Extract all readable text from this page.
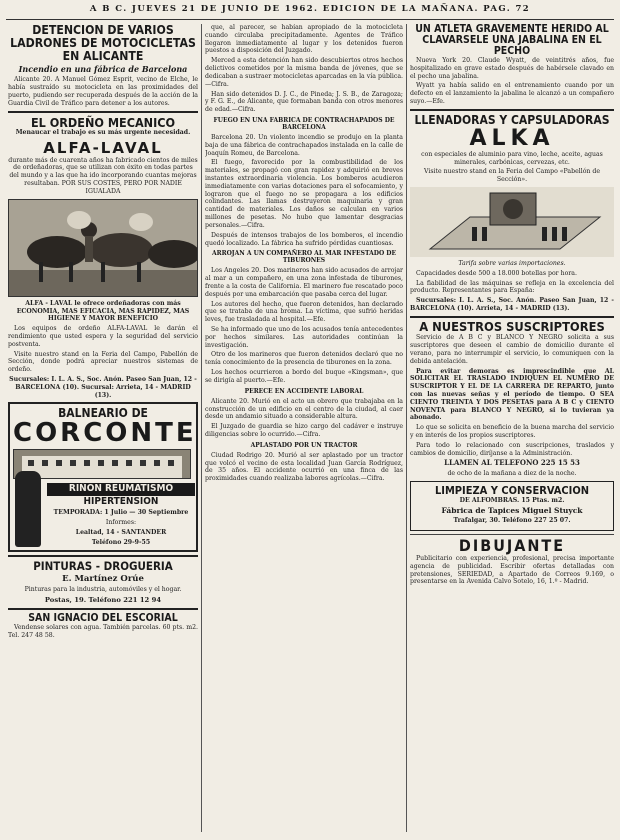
A B C. JUEVES 21 DE JUNIO DE 1962. EDICION DE LA MAÑANA. PAG. 72
DETENCION DE VARIOS LADRONES DE MOTOCICLETAS EN ALICANTE
Incendio en una fábrica de Barcelona

Alicante 20. A Manuel Gómez Esprit, vecino de Elche, le había sustraído su motocicleta en las proximidades del puerto, pudiendo ser recuperada después de la acción de la Guardia Civil de Tráfico para detener a los autores.

EL ORDEÑO MECANICO

Menaucar el trabajo es su más urgente necesidad.

ALFA-LAVAL

durante más de cuarenta años ha fabricado cientos de miles de ordeñadoras, que se utilizan con éxito en todas partes del mundo y a las que ha ido incorporando cuantas mejoras resultaban. POR SUS COSTES, PERO POR NADIE IGUALADA

ALFA - LAVAL le ofrece ordeñadoras con más ECONOMIA, MAS EFICACIA, MAS RAPIDEZ, MAS HIGIENE Y MAYOR BENEFICIO

Los equipos de ordeño ALFA-LAVAL le darán el rendimiento que usted espera y la seguridad del servicio postventa.

Visite nuestro stand en la Feria del Campo, Pabellón de Sección, donde podrá apreciar nuestros sistemas de ordeño.

Sucursales: I. L. A. S., Soc. Anón. Paseo San Juan, 12 - BARCELONA (10). Sucursal: Arrieta, 14 - MADRID (13).

BALNEARIO DE
CORCONTE
RIÑON REUMATISMO
HIPERTENSION

TEMPORADA: 1 Julio — 30 Septiembre

Informes:

Lealtad, 14 - SANTANDER

Teléfono 29-9-55

PINTURAS - DROGUERIA
E. Martínez Orúe

Pinturas para la industria, automóviles y el hogar.

Postas, 19. Teléfono 221 12 94

SAN IGNACIO DEL ESCORIAL

Vendense solares con agua. También parcelas. 60 pts. m2. Tel. 247 48 58.

que, al parecer, se habían apropiado de la motocicleta cuando circulaba precipitadamente. Agentes de Tráfico llegaron inmediatamente al lugar y los detenidos fueron puestos a disposición del Juzgado.

Merced a esta detención han sido descubiertos otros hechos delictivos cometidos por la misma banda de jóvenes, que se dedicaban a sustraer motocicletas aparcadas en la vía pública.—Cifra.

Han sido detenidos D. J. C., de Pineda; J. S. B., de Zaragoza; y F. G. E., de Alicante, que formaban banda con otros menores de edad.—Cifra.

FUEGO EN UNA FABRICA DE CONTRACHAPADOS DE BARCELONA

Barcelona 20. Un violento incendio se produjo en la planta baja de una fábrica de contrachapados instalada en la calle de Joaquín Romeu, de Barcelona.

El fuego, favorecido por la combustibilidad de los materiales, se propagó con gran rapidez y adquirió en breves instantes extraordinaria violencia. Los bomberos acudieron inmediatamente con varias dotaciones para el sofocamiento, y lograron que el fuego no se propagara a los edificios colindantes. Las llamas destruyeron maquinaria y gran cantidad de materiales. Los daños se calculan en varios millones de pesetas. No hubo que lamentar desgracias personales.—Cifra.

Después de intensos trabajos de los bomberos, el incendio quedó localizado. La fábrica ha sufrido pérdidas cuantiosas.

ARROJAN A UN COMPAÑERO AL MAR INFESTADO DE TIBURONES

Los Angeles 20. Dos marineros han sido acusados de arrojar al mar a un compañero, en una zona infestada de tiburones, frente a la costa de California. El marinero fue rescatado poco después por una embarcación que pasaba cerca del lugar.

Los autores del hecho, que fueron detenidos, han declarado que se trataba de una broma. La víctima, que sufrió heridas leves, fue trasladada al hospital.—Efe.

Se ha informado que uno de los acusados tenía antecedentes por hechos similares. Las autoridades continúan la investigación.

Otro de los marineros que fueron detenidos declaró que no tenía conocimiento de la presencia de tiburones en la zona.

Los hechos ocurrieron a bordo del buque «Kingsman», que se dirigía al puerto.—Efe.

PERECE EN ACCIDENTE LABORAL

Alicante 20. Murió en el acto un obrero que trabajaba en la construcción de un edificio en el centro de la ciudad, al caer desde un andamio situado a considerable altura.

El Juzgado de guardia se hizo cargo del cadáver e instruye diligencias sobre lo ocurrido.—Cifra.

APLASTADO POR UN TRACTOR

Ciudad Rodrigo 20. Murió al ser aplastado por un tractor que volcó el vecino de esta localidad Juan García Rodríguez, de 35 años. El accidente ocurrió en una finca de las proximidades cuando realizaba labores agrícolas.—Cifra.

UN ATLETA GRAVEMENTE HERIDO AL CLAVARSELE UNA JABALINA EN EL PECHO

Nueva York 20. Claude Wyatt, de veintitrés años, fue hospitalizado en grave estado después de habérsele clavado en el pecho una jabalina.

Wyatt ya había salido en el entrenamiento cuando por un defecto en el lanzamiento la jabalina le alcanzó a un compañero suyo.—Efe.

LLENADORAS Y CAPSULADORAS
ALKA

con especiales de aluminio para vino, leche, aceite, aguas minerales, carbónicas, cervezas, etc.

Visite nuestro stand en la Feria del Campo «Pabellón de Sección».

Tarifa sobre varias importaciones.

Capacidades desde 500 a 18.000 botellas por hora.

La fiabilidad de las máquinas se refleja en la excelencia del producto. Representantes para España:

Sucursales: I. L. A. S., Soc. Anón. Paseo San Juan, 12 - BARCELONA (10). Arrieta, 14 - MADRID (13).

A NUESTROS SUSCRIPTORES

Servicio de A B C y BLANCO Y NEGRO solicita a sus suscriptores que deseen el cambio de domicilio durante el verano, para no interrumpir el servicio, lo comuniquen con la debida antelación.

Para evitar demoras es imprescindible que AL SOLICITAR EL TRASLADO INDIQUEN EL NUMERO DE SUSCRIPTOR Y EL DE LA CARRERA DE REPARTO, junto con las nuevas señas y el período de tiempo. O SEA CIENTO TREINTA Y DOS PESETAS para A B C y CIENTO NOVENTA para BLANCO Y NEGRO, si lo tuvieran ya abonado.

Lo que se solicita en beneficio de la buena marcha del servicio y en interés de los propios suscriptores.

Para todo lo relacionado con suscripciones, traslados y cambios de domicilio, diríjanse a la Administración.

LLAMEN AL TELEFONO 225 15 53

de ocho de la mañana a diez de la noche.

LIMPIEZA Y CONSERVACION

DE ALFOMBRAS. 15 Ptas. m2.

Fábrica de Tapices Miguel Stuyck

Trafalgar, 30. Teléfono 227 25 07.

DIBUJANTE

Publicitario con experiencia, profesional, precisa importante agencia de publicidad. Escribir ofertas detalladas con pretensiones, SERIEDAD, a Apartado de Correos 9.169, o presentarse en la Avenida Calvo Sotelo, 16, 1.º - Madrid.
